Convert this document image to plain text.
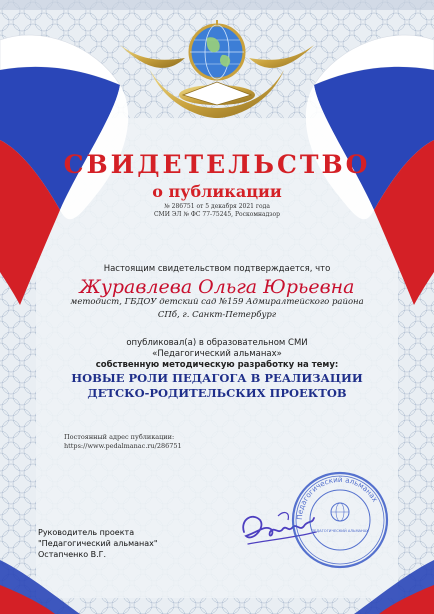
СВИДЕТЕЛЬСТВО
о публикации
№ 286751 от 5 декабря 2021 года
СМИ ЭЛ № ФС 77-75245, Роскомнадзор
Настоящим свидетельством подтверждается, что
Журавлева Ольга Юрьевна
методист, ГБДОУ детский сад №159 Адмиралтейского района СПб, г. Санкт-Петербург
опубликовал(а) в образовательном СМИ
«Педагогический альманах»
собственную методическую разработку на тему:
НОВЫЕ РОЛИ ПЕДАГОГА В РЕАЛИЗАЦИИ ДЕТСКО-РОДИТЕЛЬСКИХ ПРОЕКТОВ
Постоянный адрес публикации:
https://www.pedalmanac.ru/286751
Руководитель проекта
"Педагогический альманах"
Остапченко В.Г.
Педагогический альманах
ПЕДАГОГИЧЕСКИЙ АЛЬМАНАХ
